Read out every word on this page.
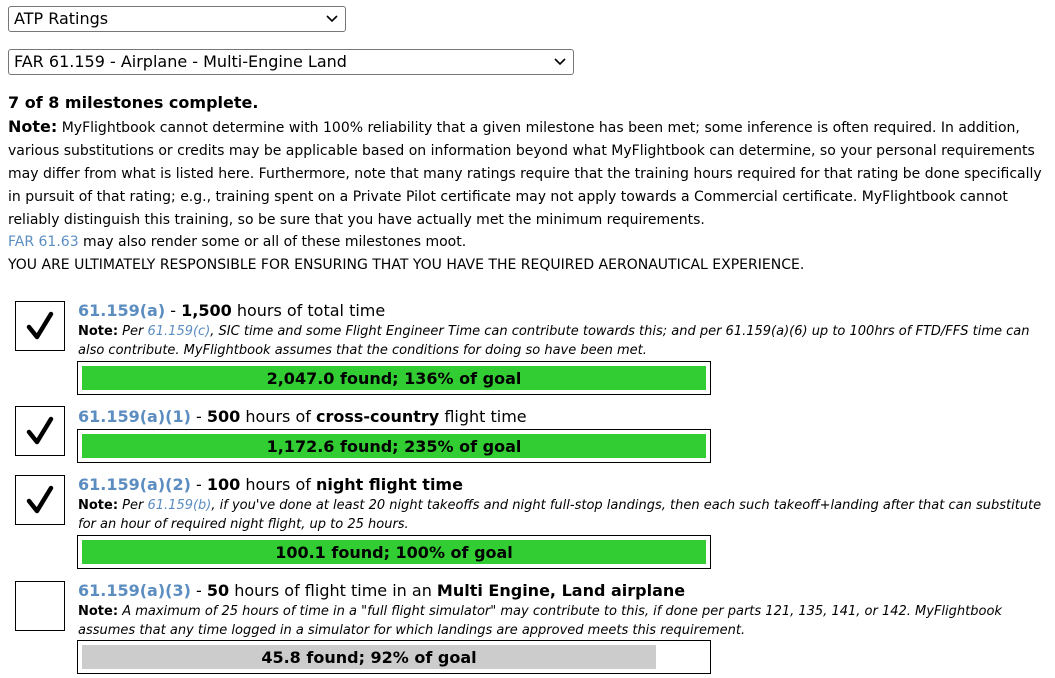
ATP Ratings
FAR 61.159 - Airplane - Multi-Engine Land
7 of 8 milestones complete.
Note: MyFlightbook cannot determine with 100% reliability that a given milestone has been met; some inference is often required. In addition, various substitutions or credits may be applicable based on information beyond what MyFlightbook can determine, so your personal requirements may differ from what is listed here. Furthermore, note that many ratings require that the training hours required for that rating be done specifically in pursuit of that rating; e.g., training spent on a Private Pilot certificate may not apply towards a Commercial certificate. MyFlightbook cannot reliably distinguish this training, so be sure that you have actually met the minimum requirements.
FAR 61.63 may also render some or all of these milestones moot.
YOU ARE ULTIMATELY RESPONSIBLE FOR ENSURING THAT YOU HAVE THE REQUIRED AERONAUTICAL EXPERIENCE.
61.159(a) - 1,500 hours of total time
Note: Per 61.159(c), SIC time and some Flight Engineer Time can contribute towards this; and per 61.159(a)(6) up to 100hrs of FTD/FFS time can also contribute. MyFlightbook assumes that the conditions for doing so have been met.
2,047.0 found; 136% of goal
61.159(a)(1) - 500 hours of cross-country flight time
1,172.6 found; 235% of goal
61.159(a)(2) - 100 hours of night flight time
Note: Per 61.159(b), if you've done at least 20 night takeoffs and night full-stop landings, then each such takeoff+landing after that can substitute for an hour of required night flight, up to 25 hours.
100.1 found; 100% of goal
61.159(a)(3) - 50 hours of flight time in an Multi Engine, Land airplane
Note: A maximum of 25 hours of time in a "full flight simulator" may contribute to this, if done per parts 121, 135, 141, or 142. MyFlightbook assumes that any time logged in a simulator for which landings are approved meets this requirement.
45.8 found; 92% of goal
